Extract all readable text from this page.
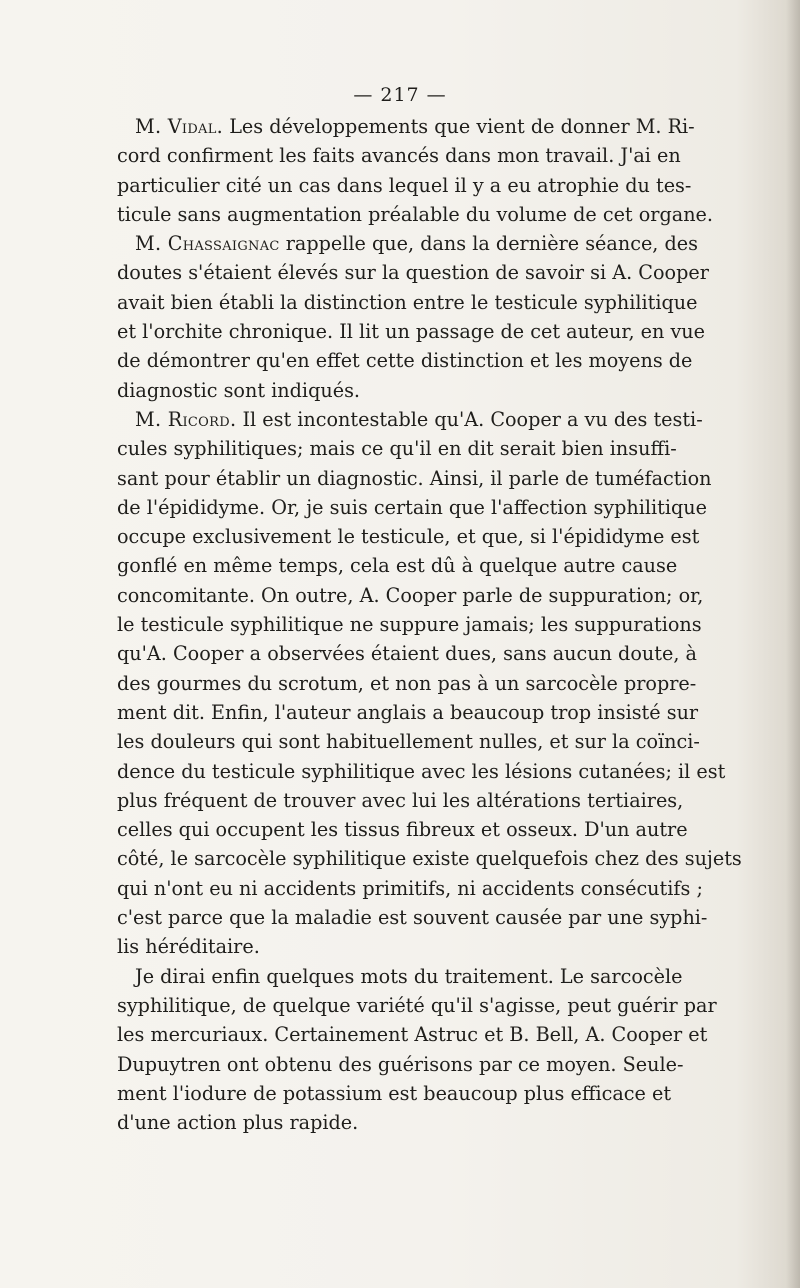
— 217 —
M. Vidal. Les développements que vient de donner M. Ri-
cord confirment les faits avancés dans mon travail. J'ai en
particulier cité un cas dans lequel il y a eu atrophie du tes-
ticule sans augmentation préalable du volume de cet organe.
M. Chassaignac rappelle que, dans la dernière séance, des
doutes s'étaient élevés sur la question de savoir si A. Cooper
avait bien établi la distinction entre le testicule syphilitique
et l'orchite chronique. Il lit un passage de cet auteur, en vue
de démontrer qu'en effet cette distinction et les moyens de
diagnostic sont indiqués.
M. Ricord. Il est incontestable qu'A. Cooper a vu des testi-
cules syphilitiques; mais ce qu'il en dit serait bien insuffi-
sant pour établir un diagnostic. Ainsi, il parle de tuméfaction
de l'épididyme. Or, je suis certain que l'affection syphilitique
occupe exclusivement le testicule, et que, si l'épididyme est
gonflé en même temps, cela est dû à quelque autre cause
concomitante. On outre, A. Cooper parle de suppuration; or,
le testicule syphilitique ne suppure jamais; les suppurations
qu'A. Cooper a observées étaient dues, sans aucun doute, à
des gourmes du scrotum, et non pas à un sarcocèle propre-
ment dit. Enfin, l'auteur anglais a beaucoup trop insisté sur
les douleurs qui sont habituellement nulles, et sur la coïnci-
dence du testicule syphilitique avec les lésions cutanées; il est
plus fréquent de trouver avec lui les altérations tertiaires,
celles qui occupent les tissus fibreux et osseux. D'un autre
côté, le sarcocèle syphilitique existe quelquefois chez des sujets
qui n'ont eu ni accidents primitifs, ni accidents consécutifs ;
c'est parce que la maladie est souvent causée par une syphi-
lis héréditaire.
Je dirai enfin quelques mots du traitement. Le sarcocèle
syphilitique, de quelque variété qu'il s'agisse, peut guérir par
les mercuriaux. Certainement Astruc et B. Bell, A. Cooper et
Dupuytren ont obtenu des guérisons par ce moyen. Seule-
ment l'iodure de potassium est beaucoup plus efficace et
d'une action plus rapide.
